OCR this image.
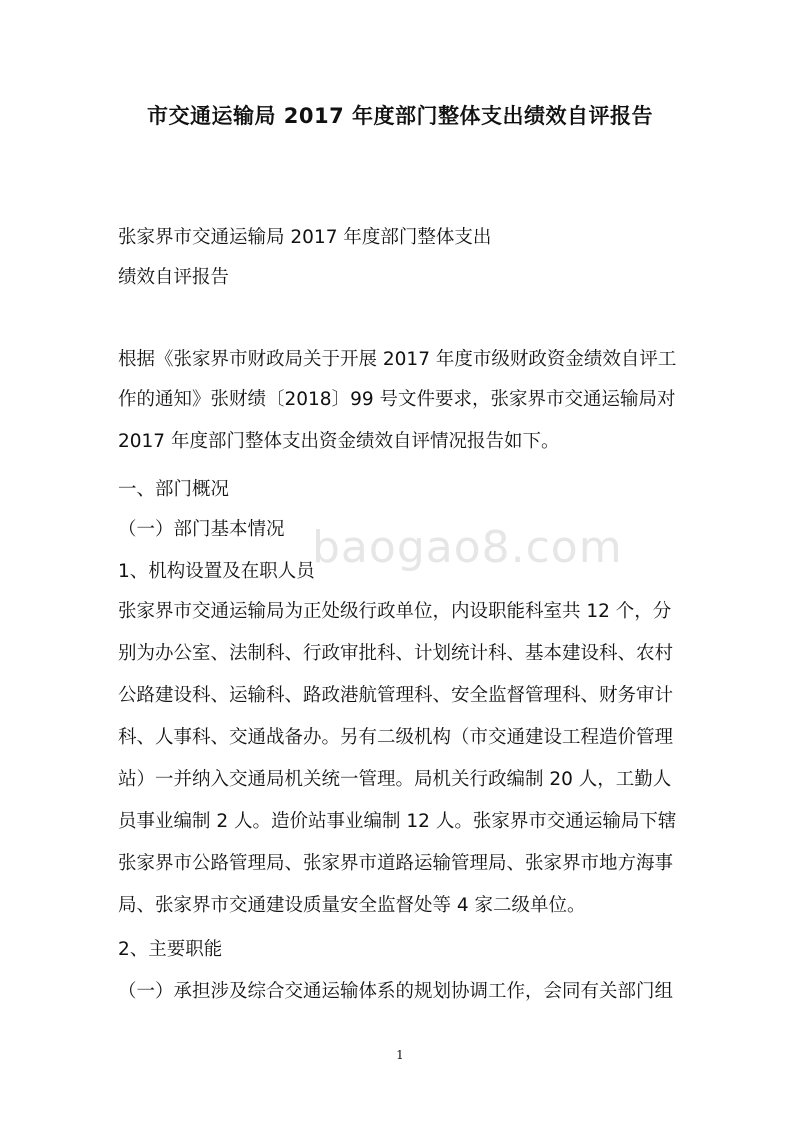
baogao8.com
市交通运输局 2017 年度部门整体支出绩效自评报告
张家界市交通运输局 2017 年度部门整体支出
绩效自评报告
根据《张家界市财政局关于开展 2017 年度市级财政资金绩效自评工
作的通知》张财绩〔2018〕99 号文件要求，张家界市交通运输局对
2017 年度部门整体支出资金绩效自评情况报告如下。
一、部门概况
（一）部门基本情况
1、机构设置及在职人员
张家界市交通运输局为正处级行政单位，内设职能科室共 12 个，分
别为办公室、法制科、行政审批科、计划统计科、基本建设科、农村
公路建设科、运输科、路政港航管理科、安全监督管理科、财务审计
科、人事科、交通战备办。另有二级机构（市交通建设工程造价管理
站）一并纳入交通局机关统一管理。局机关行政编制 20 人，工勤人
员事业编制 2 人。造价站事业编制 12 人。张家界市交通运输局下辖
张家界市公路管理局、张家界市道路运输管理局、张家界市地方海事
局、张家界市交通建设质量安全监督处等 4 家二级单位。
2、主要职能
（一）承担涉及综合交通运输体系的规划协调工作，会同有关部门组
1
